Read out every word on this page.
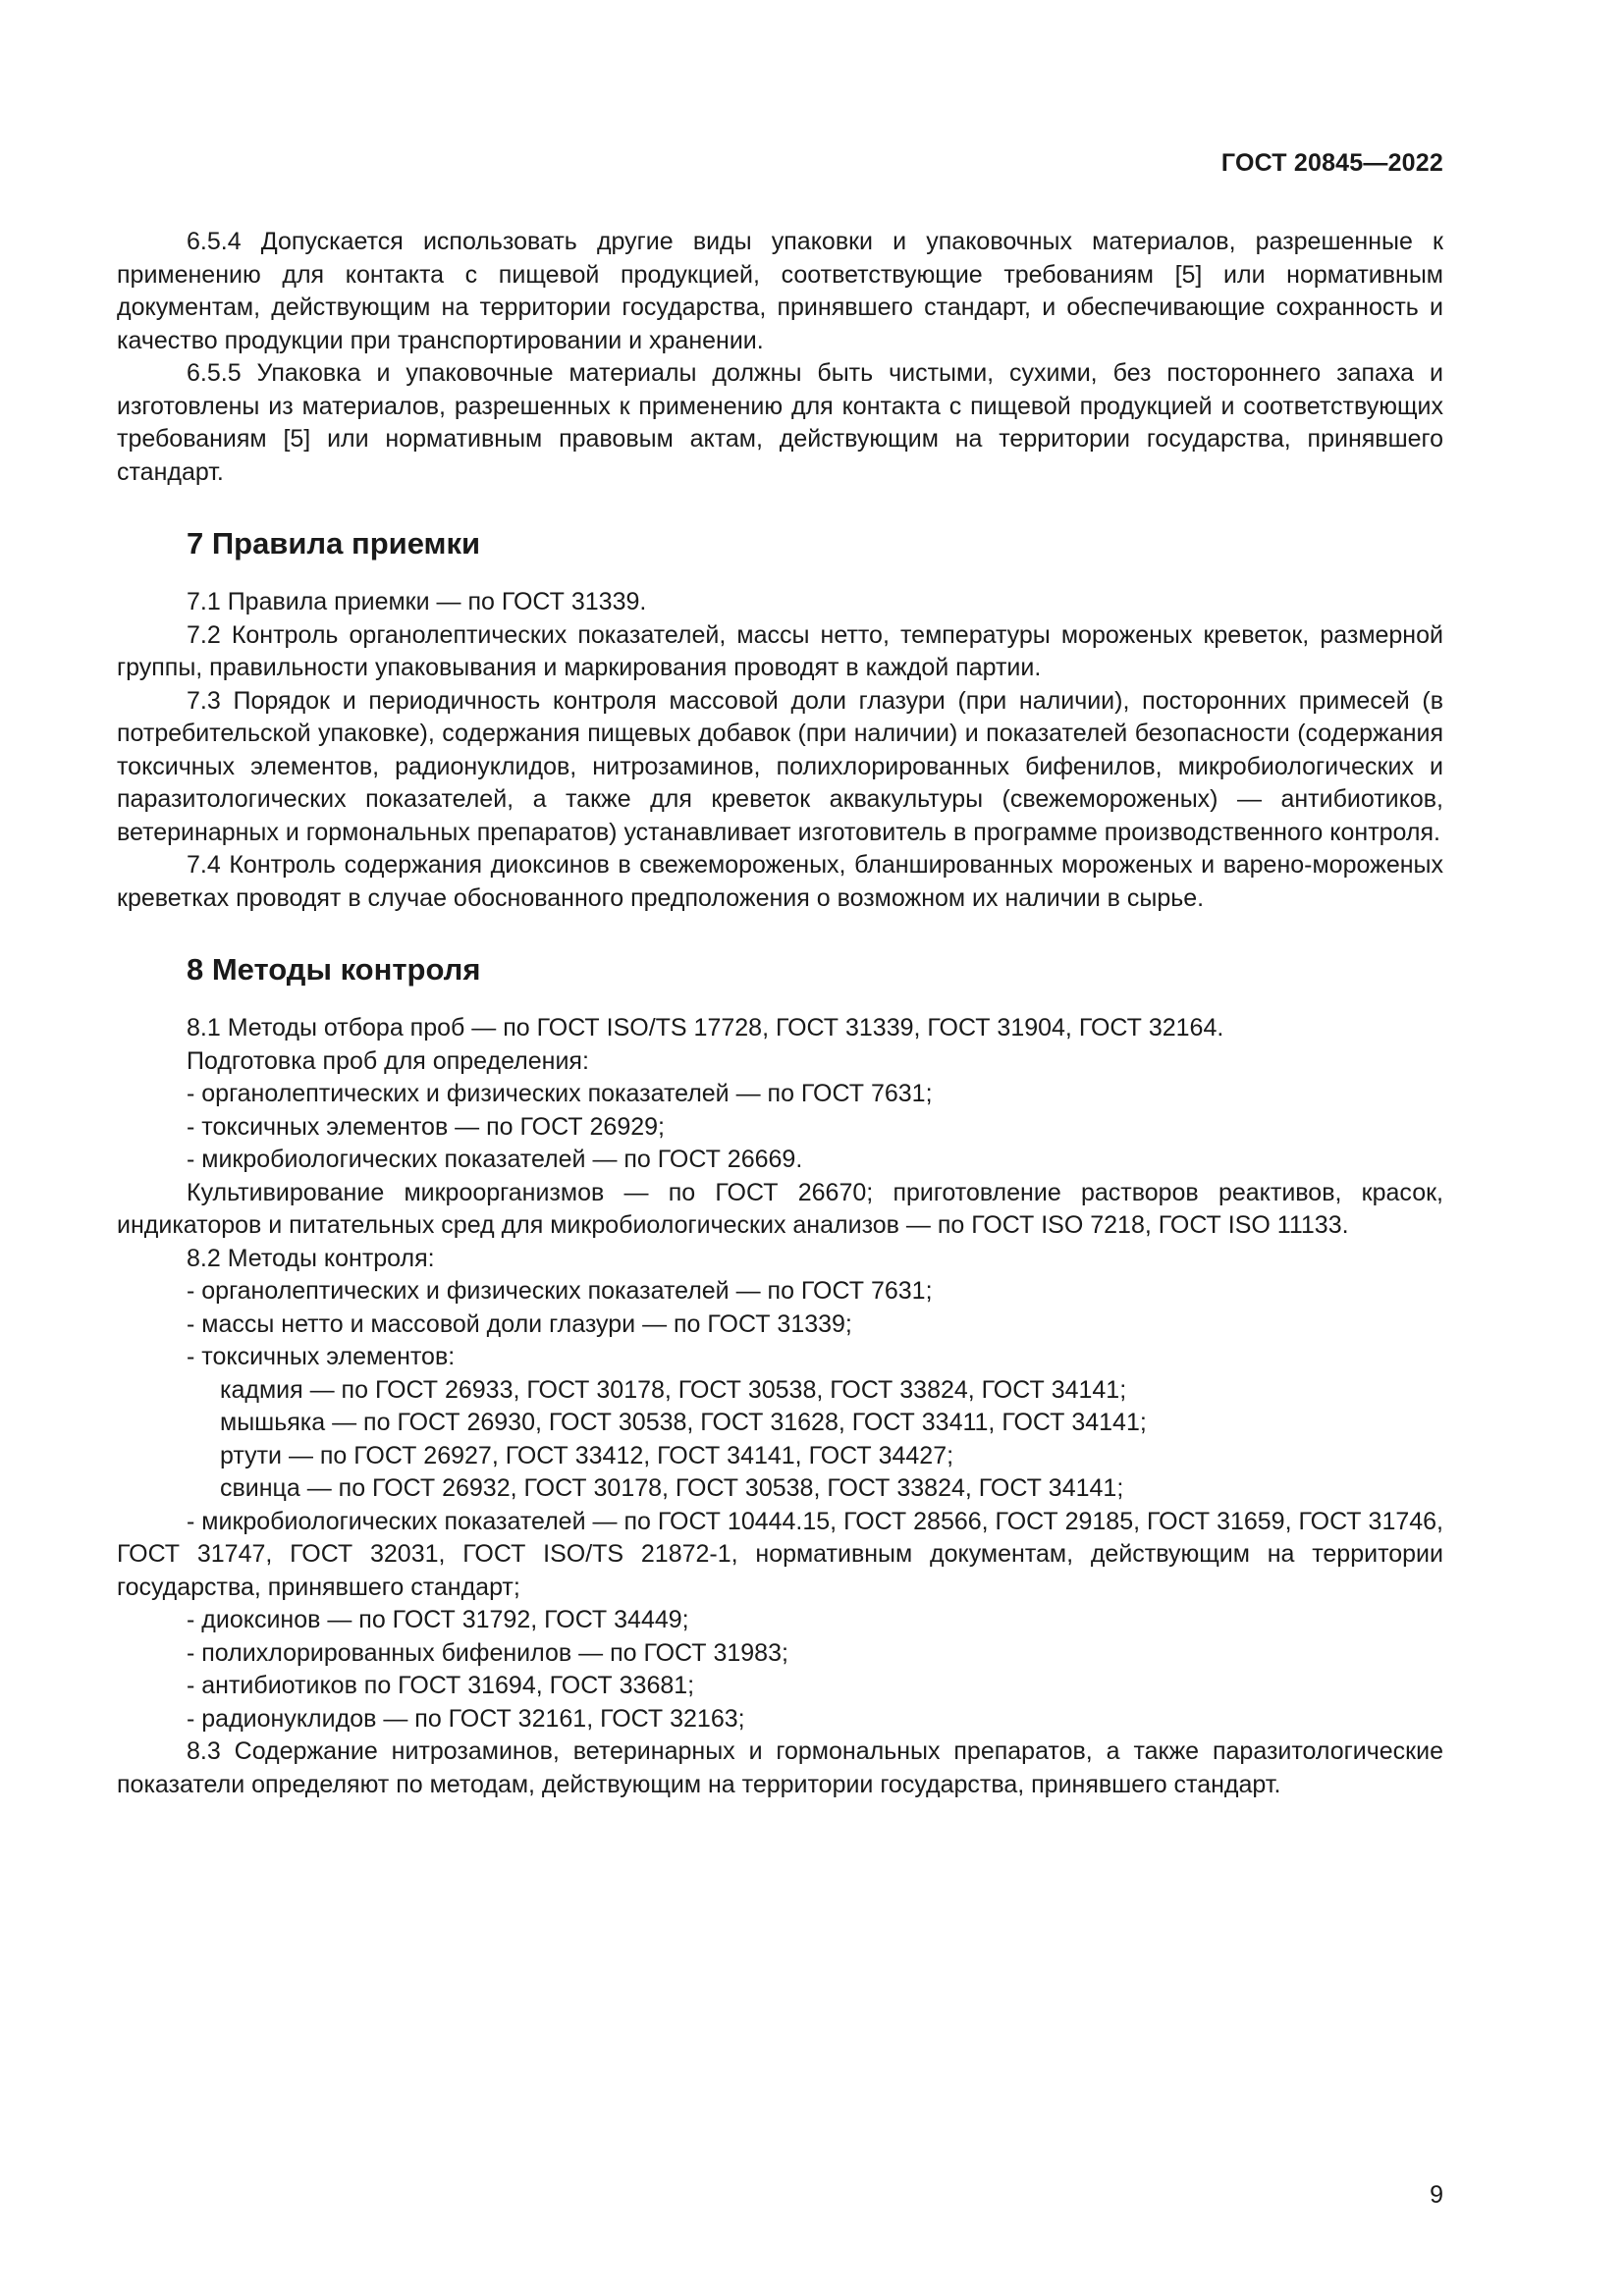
ГОСТ 20845—2022

6.5.4 Допускается использовать другие виды упаковки и упаковочных материалов, разрешенные к применению для контакта с пищевой продукцией, соответствующие требованиям [5] или нормативным документам, действующим на территории государства, принявшего стандарт, и обеспечивающие сохранность и качество продукции при транспортировании и хранении.

6.5.5 Упаковка и упаковочные материалы должны быть чистыми, сухими, без постороннего запаха и изготовлены из материалов, разрешенных к применению для контакта с пищевой продукцией и соответствующих требованиям [5] или нормативным правовым актам, действующим на территории государства, принявшего стандарт.

7 Правила приемки

7.1 Правила приемки — по ГОСТ 31339.

7.2 Контроль органолептических показателей, массы нетто, температуры мороженых креветок, размерной группы, правильности упаковывания и маркирования проводят в каждой партии.

7.3 Порядок и периодичность контроля массовой доли глазури (при наличии), посторонних примесей (в потребительской упаковке), содержания пищевых добавок (при наличии) и показателей безопасности (содержания токсичных элементов, радионуклидов, нитрозаминов, полихлорированных бифенилов, микробиологических и паразитологических показателей, а также для креветок аквакультуры (свежемороженых) — антибиотиков, ветеринарных и гормональных препаратов) устанавливает изготовитель в программе производственного контроля.

7.4 Контроль содержания диоксинов в свежемороженых, бланшированных мороженых и варено-мороженых креветках проводят в случае обоснованного предположения о возможном их наличии в сырье.

8 Методы контроля

8.1 Методы отбора проб — по ГОСТ ISO/TS 17728, ГОСТ 31339, ГОСТ 31904, ГОСТ 32164.

Подготовка проб для определения:

- органолептических и физических показателей — по ГОСТ 7631;

- токсичных элементов — по ГОСТ 26929;

- микробиологических показателей — по ГОСТ 26669.

Культивирование микроорганизмов — по ГОСТ 26670; приготовление растворов реактивов, красок, индикаторов и питательных сред для микробиологических анализов — по ГОСТ ISO 7218, ГОСТ ISO 11133.

8.2 Методы контроля:

- органолептических и физических показателей — по ГОСТ 7631;

- массы нетто и массовой доли глазури — по ГОСТ 31339;

- токсичных элементов:

кадмия — по ГОСТ 26933, ГОСТ 30178, ГОСТ 30538, ГОСТ 33824, ГОСТ 34141;

мышьяка — по ГОСТ 26930, ГОСТ 30538, ГОСТ 31628, ГОСТ 33411, ГОСТ 34141;

ртути — по ГОСТ 26927, ГОСТ 33412, ГОСТ 34141, ГОСТ 34427;

свинца — по ГОСТ 26932, ГОСТ 30178, ГОСТ 30538, ГОСТ 33824, ГОСТ 34141;

- микробиологических показателей — по ГОСТ 10444.15, ГОСТ 28566, ГОСТ 29185, ГОСТ 31659, ГОСТ 31746, ГОСТ 31747, ГОСТ 32031, ГОСТ ISO/TS 21872-1, нормативным документам, действующим на территории государства, принявшего стандарт;

- диоксинов — по ГОСТ 31792, ГОСТ 34449;

- полихлорированных бифенилов — по ГОСТ 31983;

- антибиотиков по ГОСТ 31694, ГОСТ 33681;

- радионуклидов — по ГОСТ 32161, ГОСТ 32163;

8.3 Содержание нитрозаминов, ветеринарных и гормональных препаратов, а также паразитологические показатели определяют по методам, действующим на территории государства, принявшего стандарт.

9
